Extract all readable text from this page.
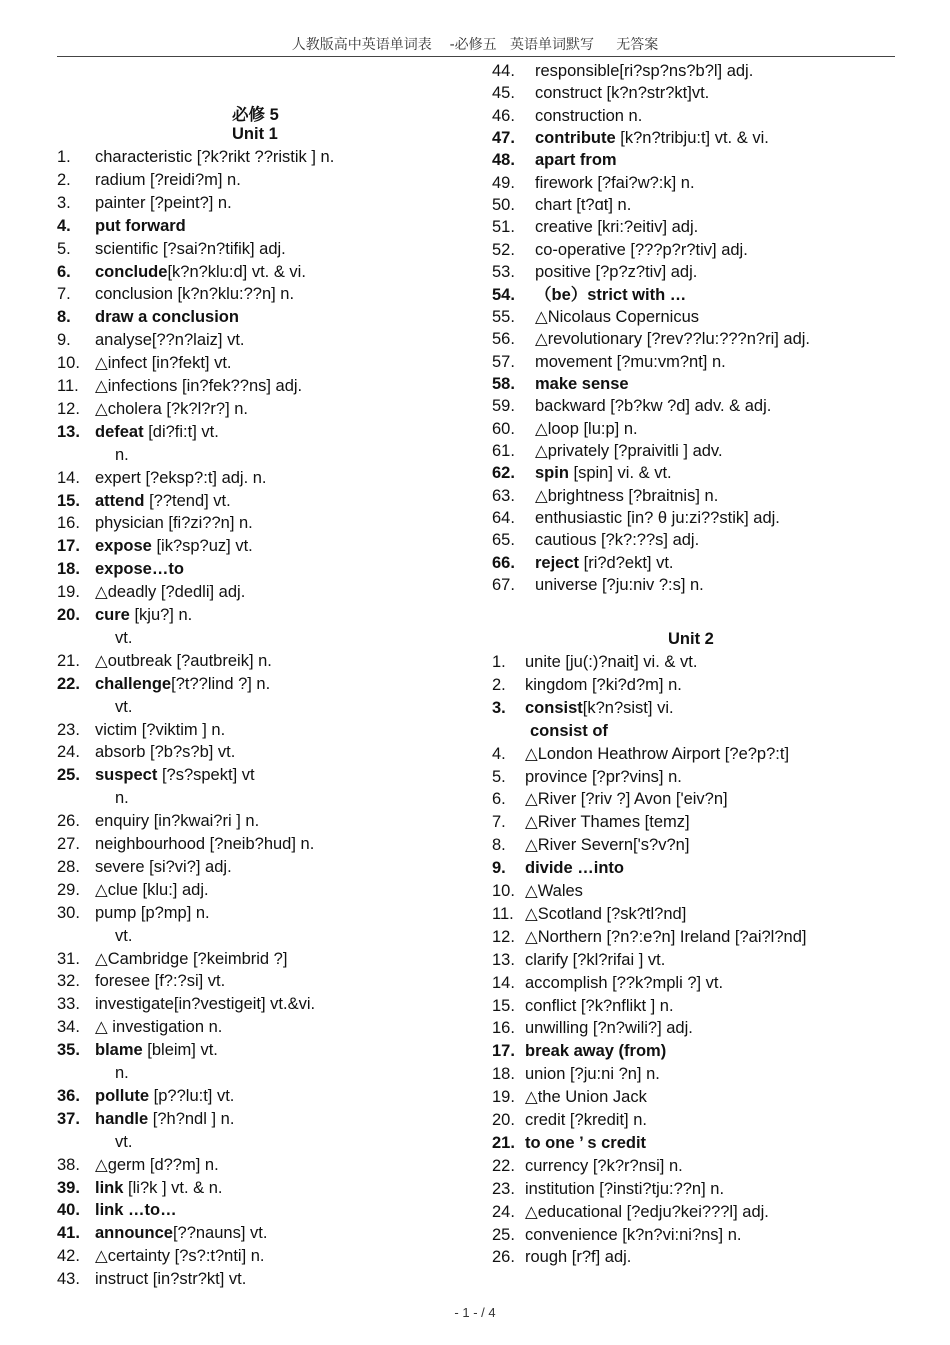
人教版高中英语单词表    -必修五   英语单词默写     无答案
必修 5
Unit 1
1. characteristic [?k?rikt ??ristik ] n.
2. radium [?reidi?m] n.
3. painter [?peint?] n.
4. put forward
5. scientific [?sai?n?tifik] adj.
6. conclude[k?n?klu:d] vt. & vi.
7. conclusion [k?n?klu:??n] n.
8. draw a conclusion
9. analyse[??n?laiz] vt.
10. △infect [in?fekt] vt.
11. △infections [in?fek??ns] adj.
12. △cholera [?k?l?r?] n.
13. defeat [di?fi:t] vt.
n.
14. expert [?eksp?:t] adj. n.
15. attend [??tend] vt.
16. physician [fi?zi??n] n.
17. expose [ik?sp?uz] vt.
18. expose…to
19. △deadly [?dedli] adj.
20. cure [kju?] n.
vt.
21. △outbreak [?autbreik] n.
22. challenge[?t??lind ?] n.
vt.
23. victim [?viktim ] n.
24. absorb [?b?s?b] vt.
25. suspect [?s?spekt] vt
n.
26. enquiry [in?kwai?ri ] n.
27. neighbourhood [?neib?hud] n.
28. severe [si?vi?] adj.
29. △clue [klu:] adj.
30. pump [p?mp] n.
vt.
31. △Cambridge [?keimbrid ?]
32. foresee [f?:?si] vt.
33. investigate[in?vestigeit] vt.&vi.
34. △ investigation n.
35. blame [bleim] vt.
n.
36. pollute [p??lu:t] vt.
37. handle [?h?ndl ] n.
vt.
38. △germ [d??m] n.
39. link [li?k ] vt. & n.
40. link …to…
41. announce[??nauns] vt.
42. △certainty [?s?:t?nti] n.
43. instruct [in?str?kt] vt.
44. responsible[ri?sp?ns?b?l] adj.
45. construct [k?n?str?kt]vt.
46. construction n.
47. contribute [k?n?tribju:t] vt. & vi.
48. apart from
49. firework [?fai?w?:k] n.
50. chart [t?ɑt] n.
51. creative [kri:?eitiv] adj.
52. co-operative [???p?r?tiv] adj.
53. positive [?p?z?tiv] adj.
54. （be）strict with …
55. △Nicolaus Copernicus
56. △revolutionary [?rev??lu:???n?ri] adj.
57. movement [?mu:vm?nt] n.
58. make sense
59. backward [?b?kw ?d] adv. & adj.
60. △loop [lu:p] n.
61. △privately [?praivitli ] adv.
62. spin [spin] vi. & vt.
63. △brightness [?braitnis] n.
64. enthusiastic [in? θ ju:zi??stik] adj.
65. cautious [?k?:??s] adj.
66. reject [ri?d?ekt] vt.
67. universe [?ju:niv ?:s] n.
1. unite [ju(:)?nait] vi. & vt.
2. kingdom [?ki?d?m] n.
3. consist[k?n?sist] vi.
consist of
4. △London Heathrow Airport [?e?p?:t]
5. province [?pr?vins] n.
6. △River [?riv ?] Avon ['eiv?n]
7. △River Thames [temz]
8. △River Severn['s?v?n]
9. divide …into
10. △Wales
11. △Scotland [?sk?tl?nd]
12. △Northern [?n?:e?n] Ireland [?ai?l?nd]
13. clarify [?kl?rifai ] vt.
14. accomplish [??k?mpli ?] vt.
15. conflict [?k?nflikt ] n.
16. unwilling [?n?wili?] adj.
17. break away (from)
18. union [?ju:ni ?n] n.
19. △the Union Jack
20. credit [?kredit] n.
21. to one ’ s credit
22. currency [?k?r?nsi] n.
23. institution [?insti?tju:??n] n.
24. △educational [?edju?kei???l] adj.
25. convenience [k?n?vi:ni?ns] n.
26. rough [r?f] adj.
Unit 2
- 1 - / 4
